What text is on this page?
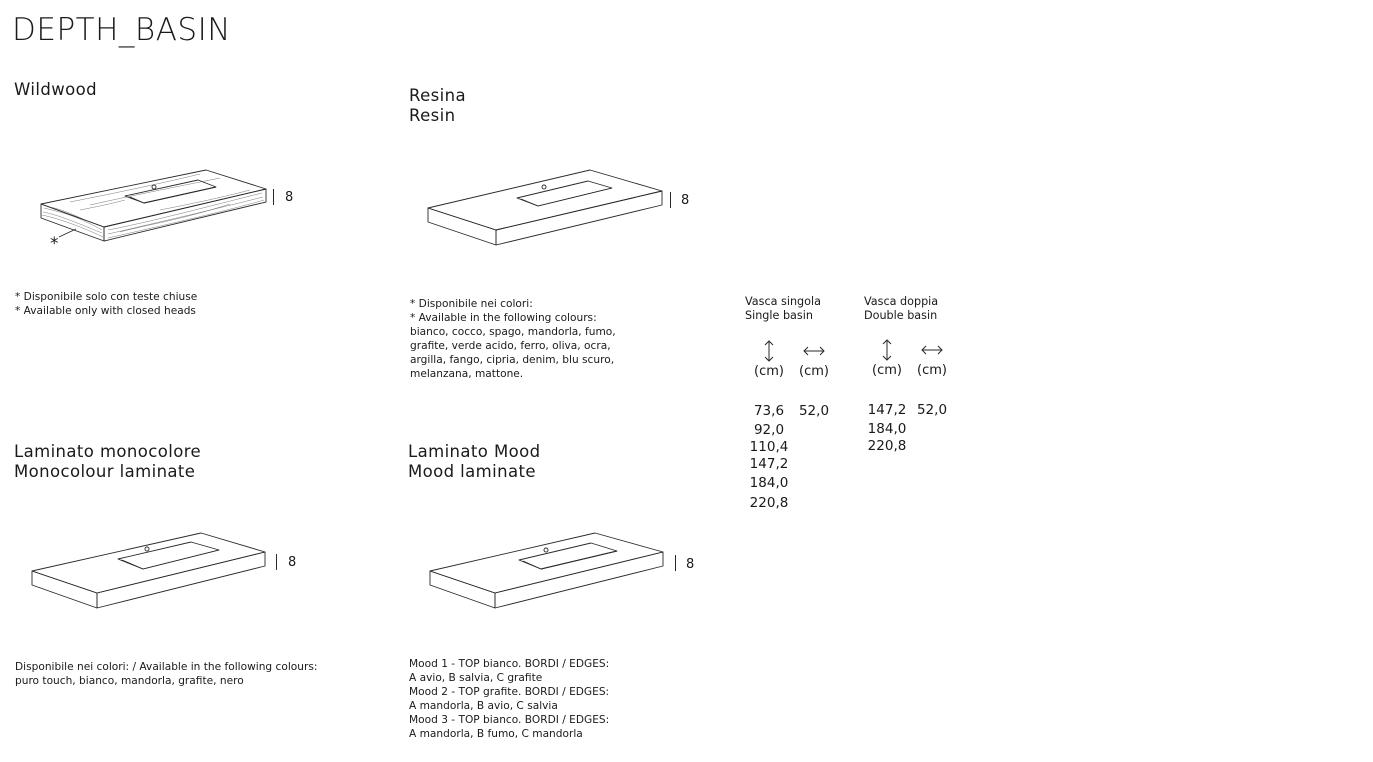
DEPTH_BASIN
Wildwood
8
*
* Disponibile solo con teste chiuse
* Available only with closed heads
Resina
Resin
8
* Disponibile nei colori:
* Available in the following colours:
bianco, cocco, spago, mandorla, fumo,
grafite, verde acido, ferro, oliva, ocra,
argilla, fango, cipria, denim, blu scuro,
melanzana, mattone.
Laminato monocolore
Monocolour laminate
8
Disponibile nei colori: / Available in the following colours:
puro touch, bianco, mandorla, grafite, nero
Laminato Mood
Mood laminate
8
Mood 1 - TOP bianco. BORDI / EDGES:
A avio, B salvia, C grafite
Mood 2 - TOP grafite. BORDI / EDGES:
A mandorla, B avio, C salvia
Mood 3 - TOP bianco. BORDI / EDGES:
A mandorla, B fumo, C mandorla
Vasca singola
Single basin
(cm) (cm)
73,6
92,0
110,4
147,2
184,0
220,8
52,0
Vasca doppia
Double basin
(cm) (cm)
147,2
184,0
220,8
52,0
